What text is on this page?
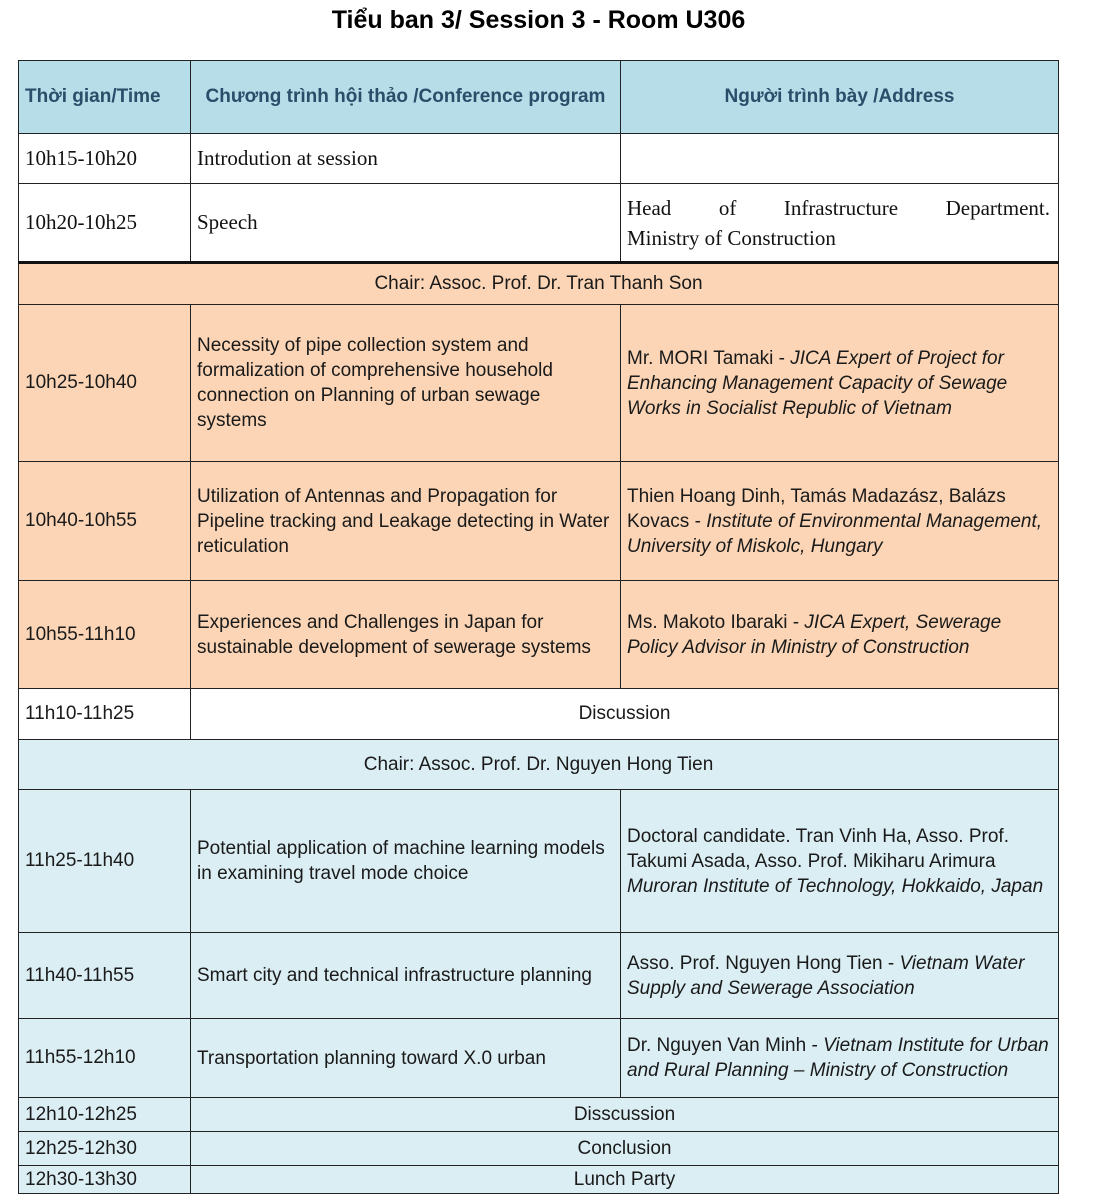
Tiểu ban 3/ Session 3 - Room U306
Thời gian/Time	Chương trình hội thảo /Conference program	Người trình bày /Address
10h15-10h20	Introdution at session	
10h20-10h25	Speech	Head of Infrastructure Department.
Ministry of Construction

Chair: Assoc. Prof. Dr. Tran Thanh Son		
10h25-10h40	Necessity of pipe collection system and formalization of comprehensive household connection on Planning of urban sewage systems	Mr. MORI Tamaki - JICA Expert of Project for Enhancing Management Capacity of Sewage Works in Socialist Republic of Vietnam
10h40-10h55	Utilization of Antennas and Propagation for Pipeline tracking and Leakage detecting in Water reticulation	Thien Hoang Dinh, Tamás Madazász, Balázs Kovacs - Institute of Environmental Management, University of Miskolc, Hungary
10h55-11h10	Experiences and Challenges in Japan for sustainable development of sewerage systems	Ms. Makoto Ibaraki - JICA Expert, Sewerage Policy Advisor in Ministry of Construction
11h10-11h25	Discussion	
Chair: Assoc. Prof. Dr. Nguyen Hong Tien		
11h25-11h40	Potential application of machine learning models in examining travel mode choice	Doctoral candidate. Tran Vinh Ha, Asso. Prof. Takumi Asada, Asso. Prof. Mikiharu Arimura
Muroran Institute of Technology, Hokkaido, Japan
11h40-11h55	Smart city and technical infrastructure planning	Asso. Prof. Nguyen Hong Tien - Vietnam Water Supply and Sewerage Association
11h55-12h10	Transportation planning toward X.0 urban	Dr. Nguyen Van Minh - Vietnam Institute for Urban and Rural Planning – Ministry of Construction
12h10-12h25	Disscussion	
12h25-12h30	Conclusion	
12h30-13h30	Lunch Party	
